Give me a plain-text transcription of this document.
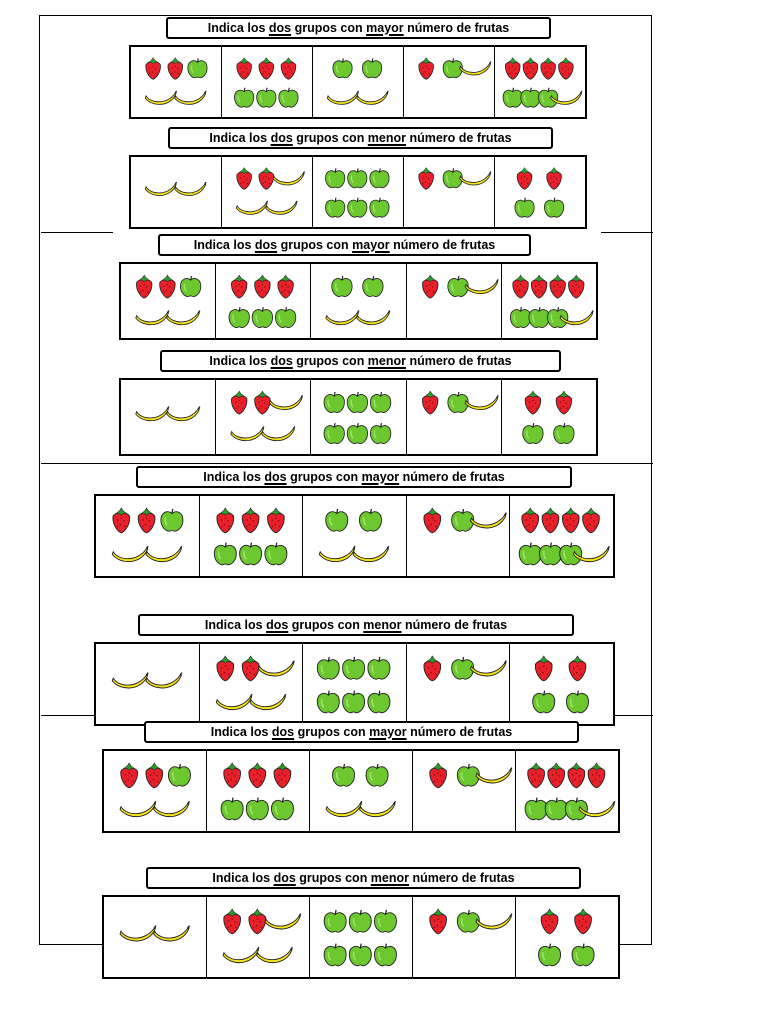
Indica los dos grupos con mayor número de frutas
Indica los dos grupos con menor número de frutas
Indica los dos grupos con mayor número de frutas
Indica los dos grupos con menor número de frutas
Indica los dos grupos con mayor número de frutas
Indica los dos grupos con menor número de frutas
Indica los dos grupos con mayor número de frutas
Indica los dos grupos con menor número de frutas
